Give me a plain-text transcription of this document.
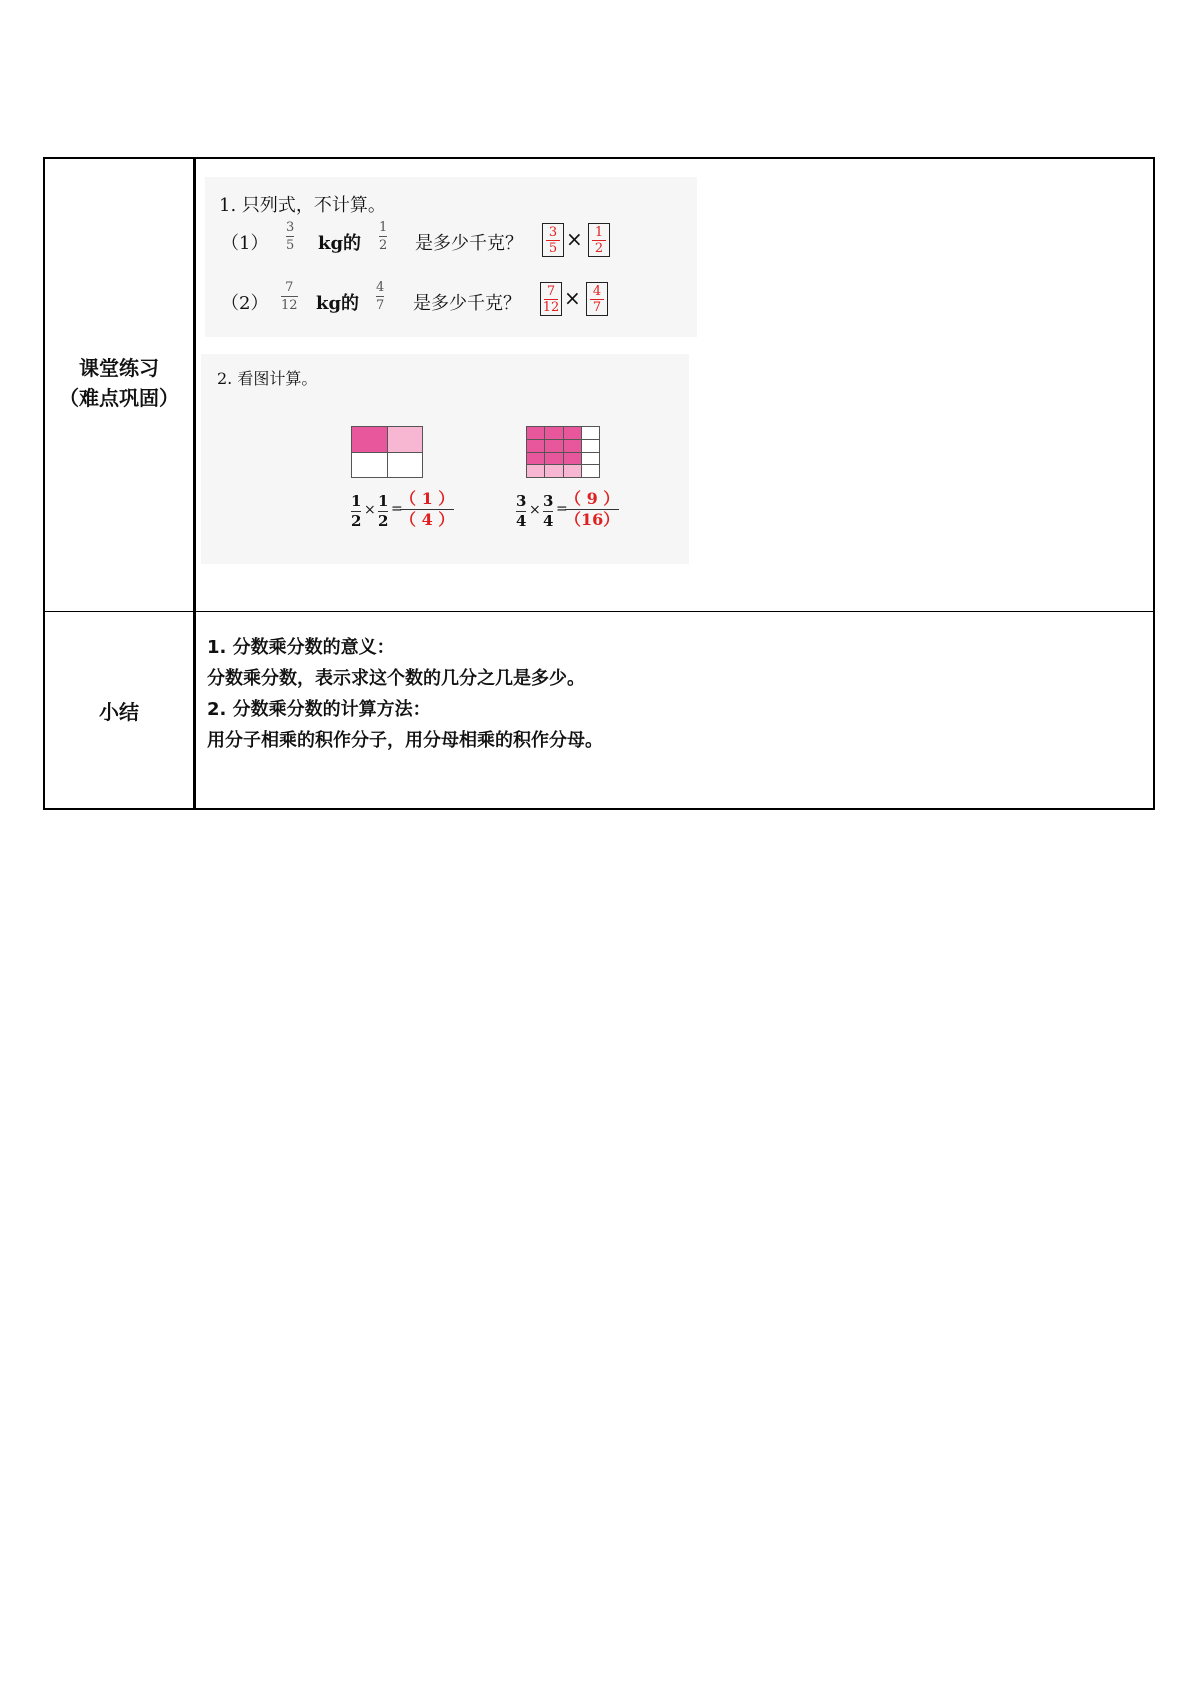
课堂练习
（难点巩固）
小结
1. 只列式，不计算。
（1）
3
5 kg的
1
2 是多少千克？
3
5 × 1
2
（2）
7
12 kg的
4
7 是多少千克？
7
12 × 4
7
2. 看图计算。
1
2
× 1
2
=
（ 1 ）
（ 4 ）
3
4
× 3
4
=
（ 9 ）
（16）
1. 分数乘分数的意义：
分数乘分数，表示求这个数的几分之几是多少。
2. 分数乘分数的计算方法：
用分子相乘的积作分子，用分母相乘的积作分母。
